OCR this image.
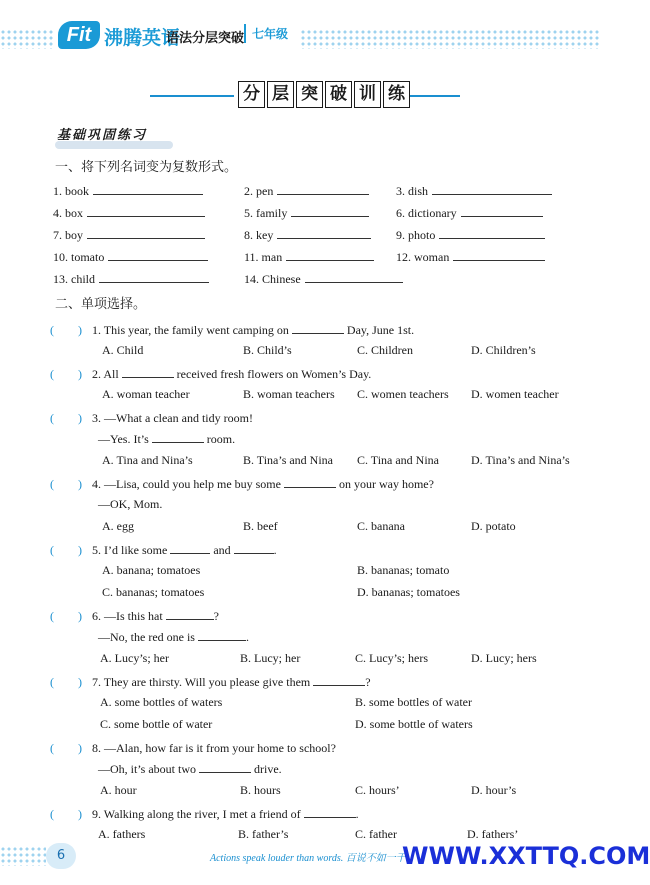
Fit 沸腾英语
语法分层突破 七年级
分 层 突 破 训 练
基础巩固练习
一、将下列名词变为复数形式。
1. book	2. pen	3. dish
4. box	5. family	6. dictionary
7. boy	8. key	9. photo
10. tomato	11. man	12. woman
13. child	14. Chinese
二、单项选择。
(　　) 1. This year, the family went camping on	Day, June 1st.
A. Child	B. Child’s	C. Children	D. Children’s
(　　) 2. All	received fresh flowers on Women’s Day.
A. woman teacher	B. woman teachers C. women teachers D. women teacher
(　　) 3. —What a clean and tidy room!
—Yes. It’s	room.
A. Tina and Nina’s	B. Tina’s and Nina C. Tina and Nina	D. Tina’s and Nina’s
(　　) 4. —Lisa, could you help me buy some	on your way home?
—OK, Mom.
A. egg	B. beef	C. banana	D. potato
(　　) 5. I’d like some	and	.
A. banana; tomatoes	B. bananas; tomato
C. bananas; tomatoes	D. bananas; tomatoes
(　　) 6. —Is this hat	?
—No, the red one is	.
A. Lucy’s; her	B. Lucy; her	C. Lucy’s; hers	D. Lucy; hers
(　　) 7. They are thirsty. Will you please give them	?
A. some bottles of waters	B. some bottles of water
C. some bottle of water	D. some bottle of waters
(　　) 8. —Alan, how far is it from your home to school?
—Oh, it’s about two	drive.
A. hour	B. hours	C. hours’	D. hour’s
(　　) 9. Walking along the river, I met a friend of	.
A. fathers	B. father’s	C. father	D. fathers’
6	Actions speak louder than words. 百说不如一干。
WWW.XXTTQ.COM
